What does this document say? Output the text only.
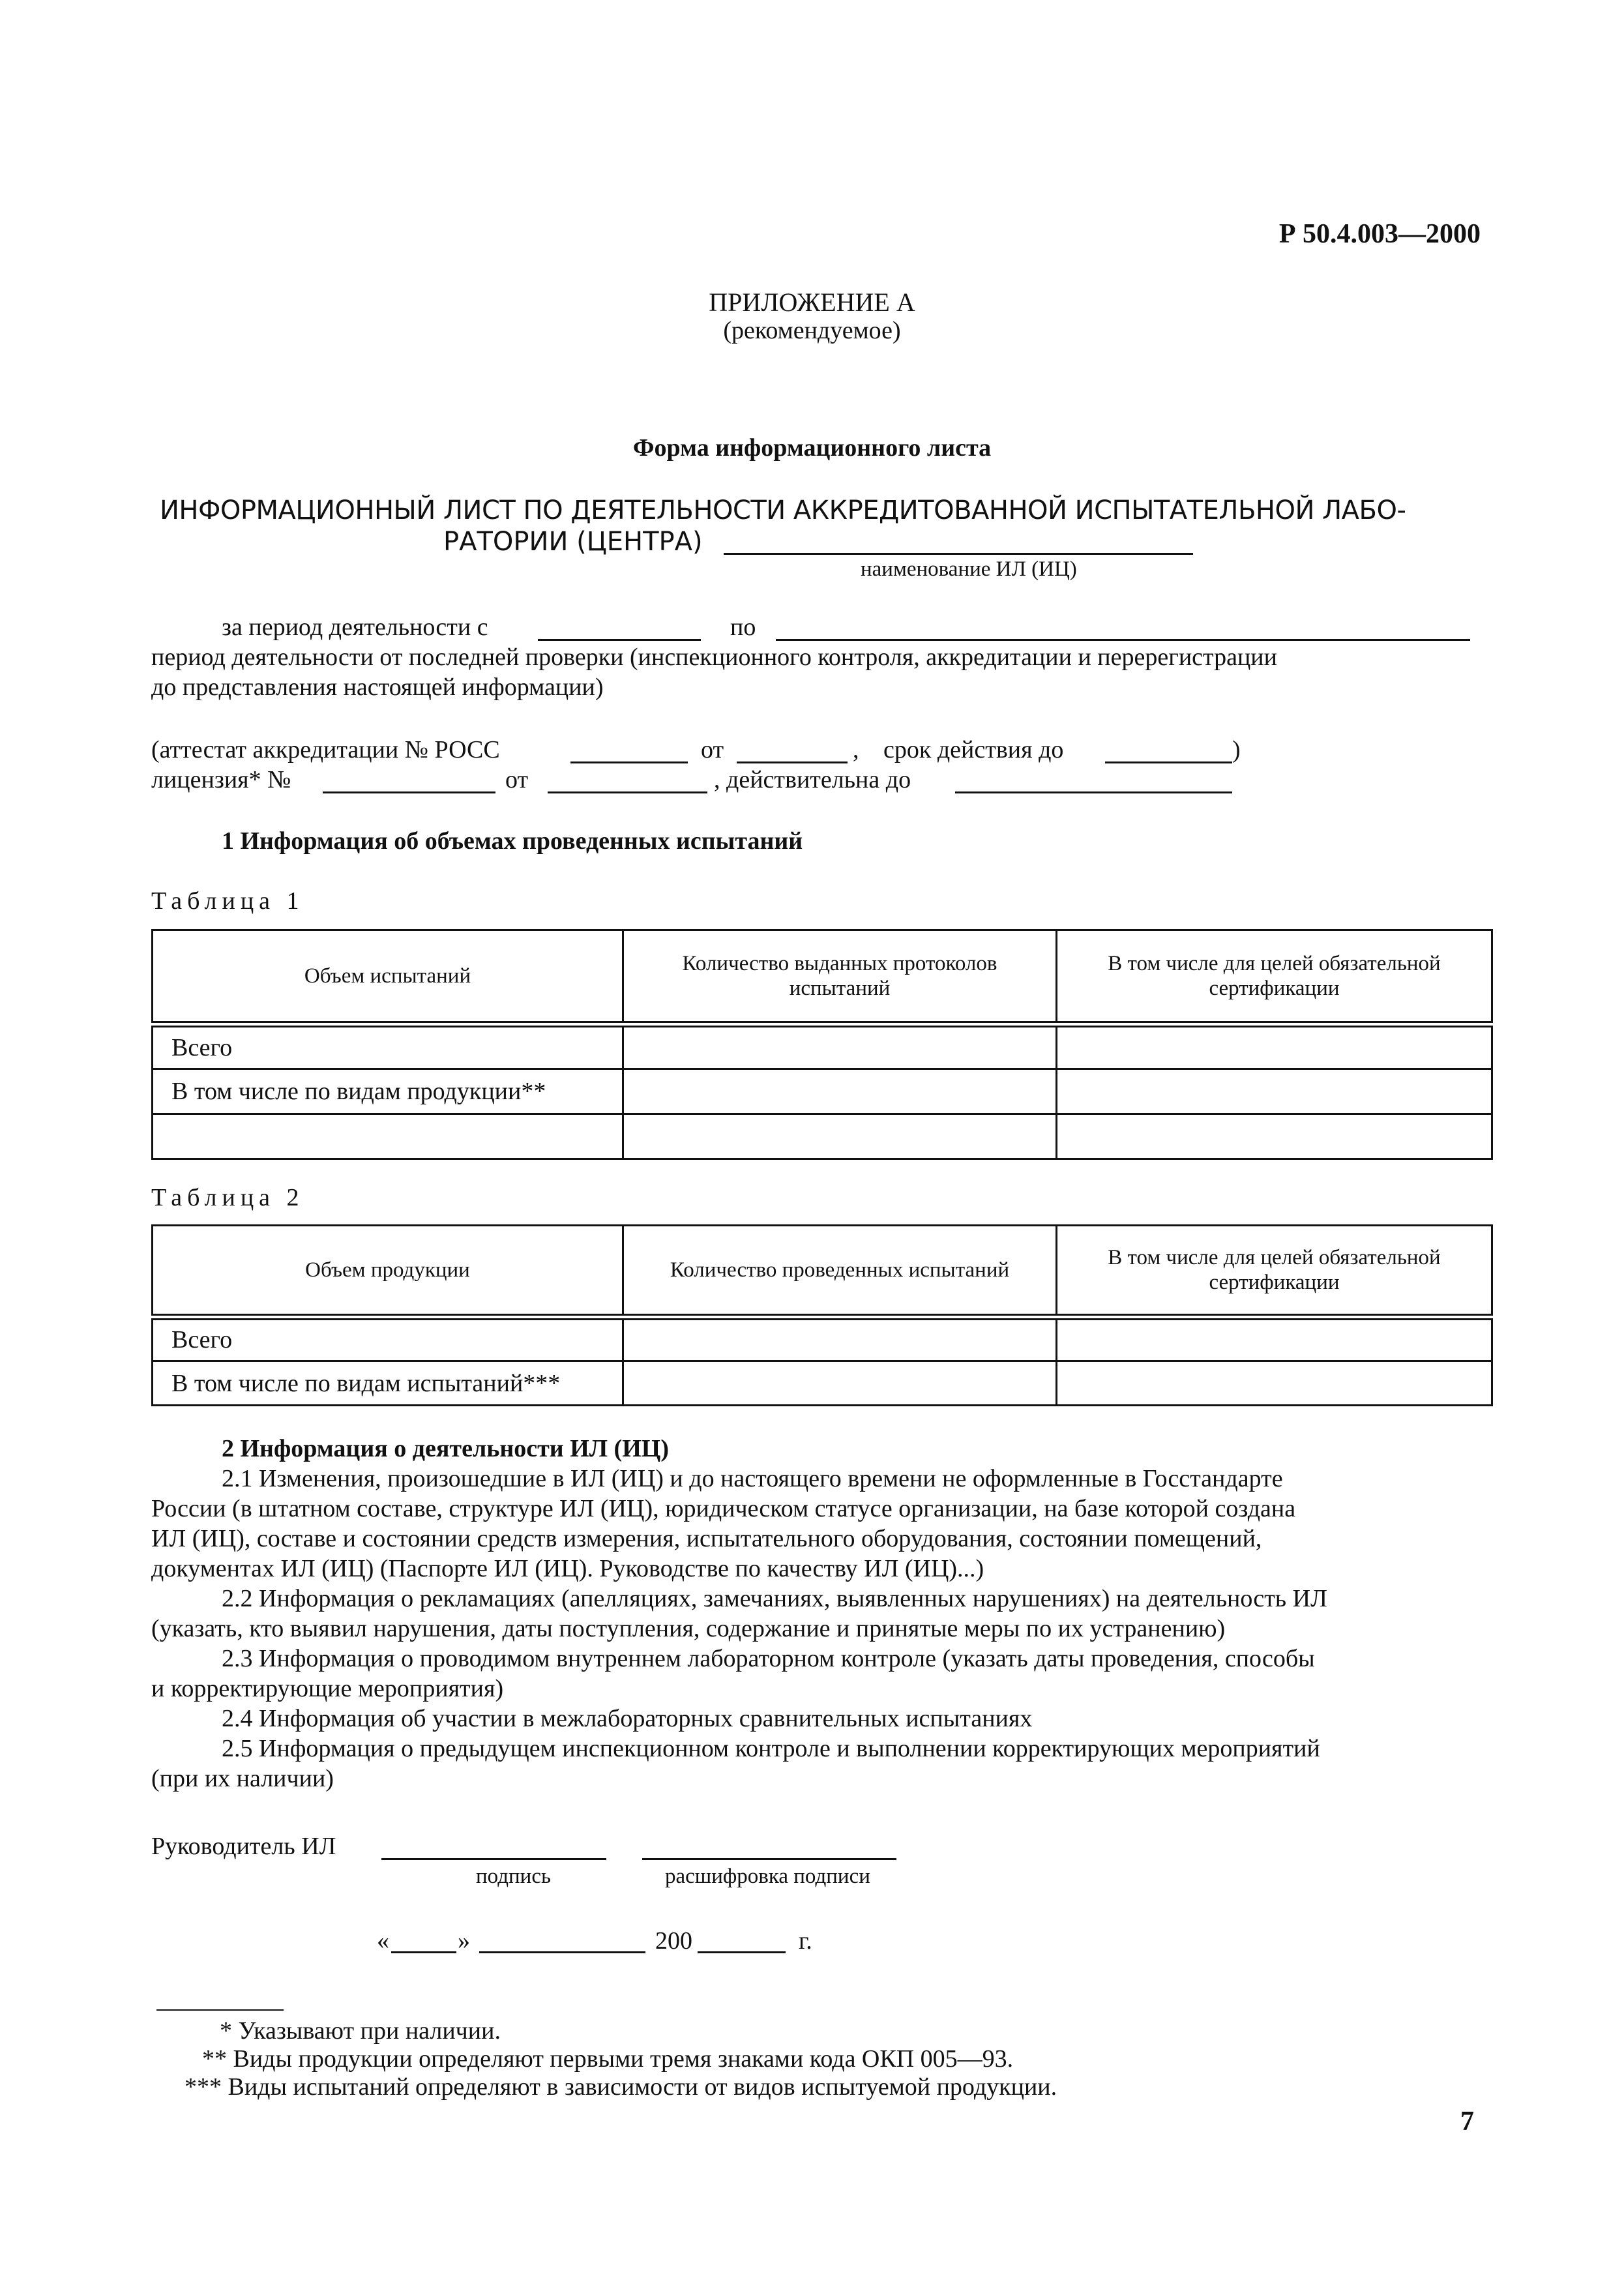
Р 50.4.003—2000
ПРИЛОЖЕНИЕ А
(рекомендуемое)
Форма информационного листа
ИНФОРМАЦИОННЫЙ ЛИСТ ПО ДЕЯТЕЛЬНОСТИ АККРЕДИТОВАННОЙ ИСПЫТАТЕЛЬНОЙ ЛАБО-
РАТОРИИ (ЦЕНТРА)
наименование ИЛ (ИЦ)
за период деятельности с	по
период деятельности от последней проверки (инспекционного контроля, аккредитации и перерегистрации
до представления настоящей информации)
(аттестат аккредитации № РОСС	от	, срок действия до	)
лицензия* №	от	, действительна до
1 Информация об объемах проведенных испытаний
Таблица 1
Объем испытаний	Количество выданных протоколов испытаний	В том числе для целей обязательной сертификации
Всего		
В том числе по видам продукции**		

Таблица 2
Объем продукции	Количество проведенных испытаний	В том числе для целей обязательной сертификации
Всего		
В том числе по видам испытаний***		
2 Информация о деятельности ИЛ (ИЦ)
2.1 Изменения, произошедшие в ИЛ (ИЦ) и до настоящего времени не оформленные в Госстандарте
России (в штатном составе, структуре ИЛ (ИЦ), юридическом статусе организации, на базе которой создана
ИЛ (ИЦ), составе и состоянии средств измерения, испытательного оборудования, состоянии помещений,
документах ИЛ (ИЦ) (Паспорте ИЛ (ИЦ). Руководстве по качеству ИЛ (ИЦ)...)
2.2 Информация о рекламациях (апелляциях, замечаниях, выявленных нарушениях) на деятельность ИЛ
(указать, кто выявил нарушения, даты поступления, содержание и принятые меры по их устранению)
2.3 Информация о проводимом внутреннем лабораторном контроле (указать даты проведения, способы
и корректирующие мероприятия)
2.4 Информация об участии в межлабораторных сравнительных испытаниях
2.5 Информация о предыдущем инспекционном контроле и выполнении корректирующих мероприятий
(при их наличии)
Руководитель ИЛ
подпись	расшифровка подписи
«	»	200	г.
* Указывают при наличии.
** Виды продукции определяют первыми тремя знаками кода ОКП 005—93.
*** Виды испытаний определяют в зависимости от видов испытуемой продукции.
7
